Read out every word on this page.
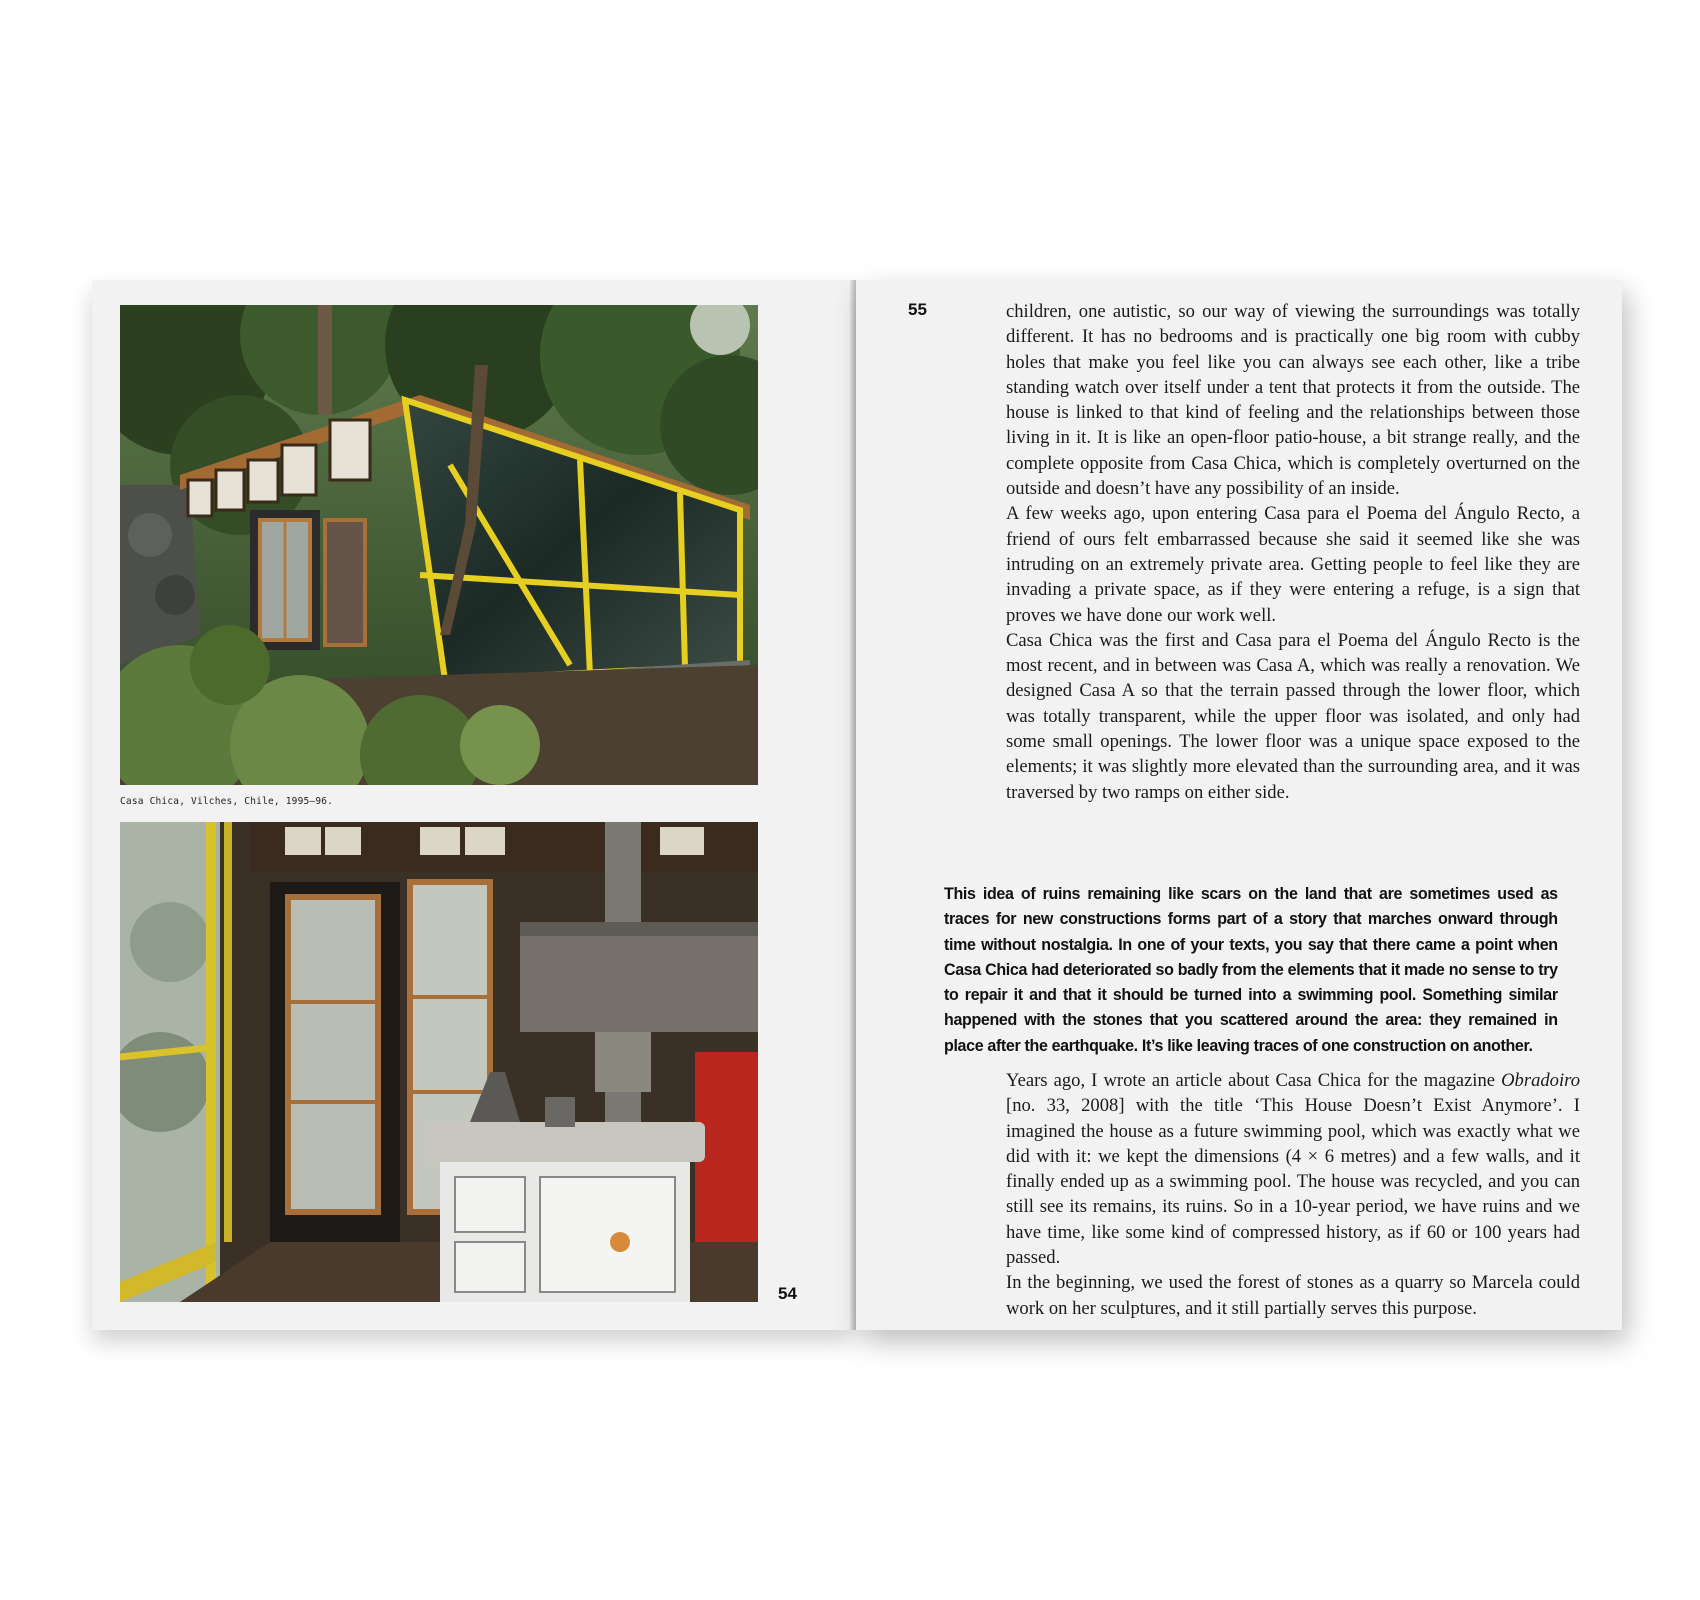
Casa Chica, Vilches, Chile, 1995–96.
54
55	children, one autistic, so our way of viewing the surroundings was totally different. It has no bedrooms and is practically one big room with cubby holes that make you feel like you can always see each other, like a tribe standing watch over itself under a tent that protects it from the outside. The house is linked to that kind of feeling and the relationships between those living in it. It is like an open-floor patio-house, a bit strange really, and the complete opposite from Casa Chica, which is completely overturned on the outside and doesn’t have any possibility of an inside.

A few weeks ago, upon entering Casa para el Poema del Ángulo Recto, a friend of ours felt embarrassed because she said it seemed like she was intruding on an extremely private area. Getting people to feel like they are invading a private space, as if they were entering a refuge, is a sign that proves we have done our work well.

Casa Chica was the first and Casa para el Poema del Ángulo Recto is the most recent, and in between was Casa A, which was really a renovation. We designed Casa A so that the terrain passed through the lower floor, which was totally transparent, while the upper floor was isolated, and only had some small openings. The lower floor was a unique space exposed to the elements; it was slightly more elevated than the surrounding area, and it was traversed by two ramps on either side.

This idea of ruins remaining like scars on the land that are sometimes used as traces for new constructions forms part of a story that marches onward through time without nostalgia. In one of your texts, you say that there came a point when Casa Chica had deteriorated so badly from the elements that it made no sense to try to repair it and that it should be turned into a swimming pool. Something similar happened with the stones that you scattered around the area: they remained in place after the earthquake. It’s like leaving traces of one construction on another.

Years ago, I wrote an article about Casa Chica for the magazine Obradoiro [no. 33, 2008] with the title ‘This House Doesn’t Exist Anymore’. I imagined the house as a future swimming pool, which was exactly what we did with it: we kept the dimensions (4 × 6 metres) and a few walls, and it finally ended up as a swimming pool. The house was recycled, and you can still see its remains, its ruins. So in a 10-year period, we have ruins and we have time, like some kind of compressed history, as if 60 or 100 years had passed.

In the beginning, we used the forest of stones as a quarry so Marcela could work on her sculptures, and it still partially serves this purpose.
